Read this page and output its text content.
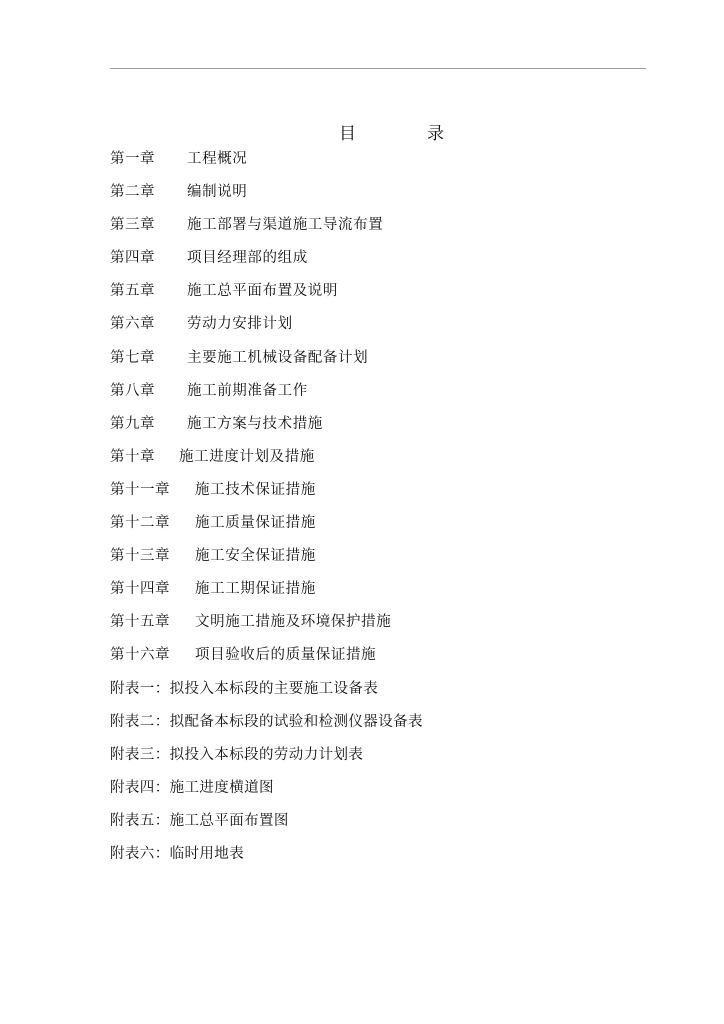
目	录
第一章 工程概况
第二章 编制说明
第三章 施工部署与渠道施工导流布置
第四章 项目经理部的组成
第五章 施工总平面布置及说明
第六章 劳动力安排计划
第七章 主要施工机械设备配备计划
第八章 施工前期准备工作
第九章 施工方案与技术措施
第十章 施工进度计划及措施
第十一章 施工技术保证措施
第十二章 施工质量保证措施
第十三章 施工安全保证措施
第十四章 施工工期保证措施
第十五章 文明施工措施及环境保护措施
第十六章 项目验收后的质量保证措施
附表一：拟投入本标段的主要施工设备表
附表二：拟配备本标段的试验和检测仪器设备表
附表三：拟投入本标段的劳动力计划表
附表四：施工进度横道图
附表五：施工总平面布置图
附表六：临时用地表
